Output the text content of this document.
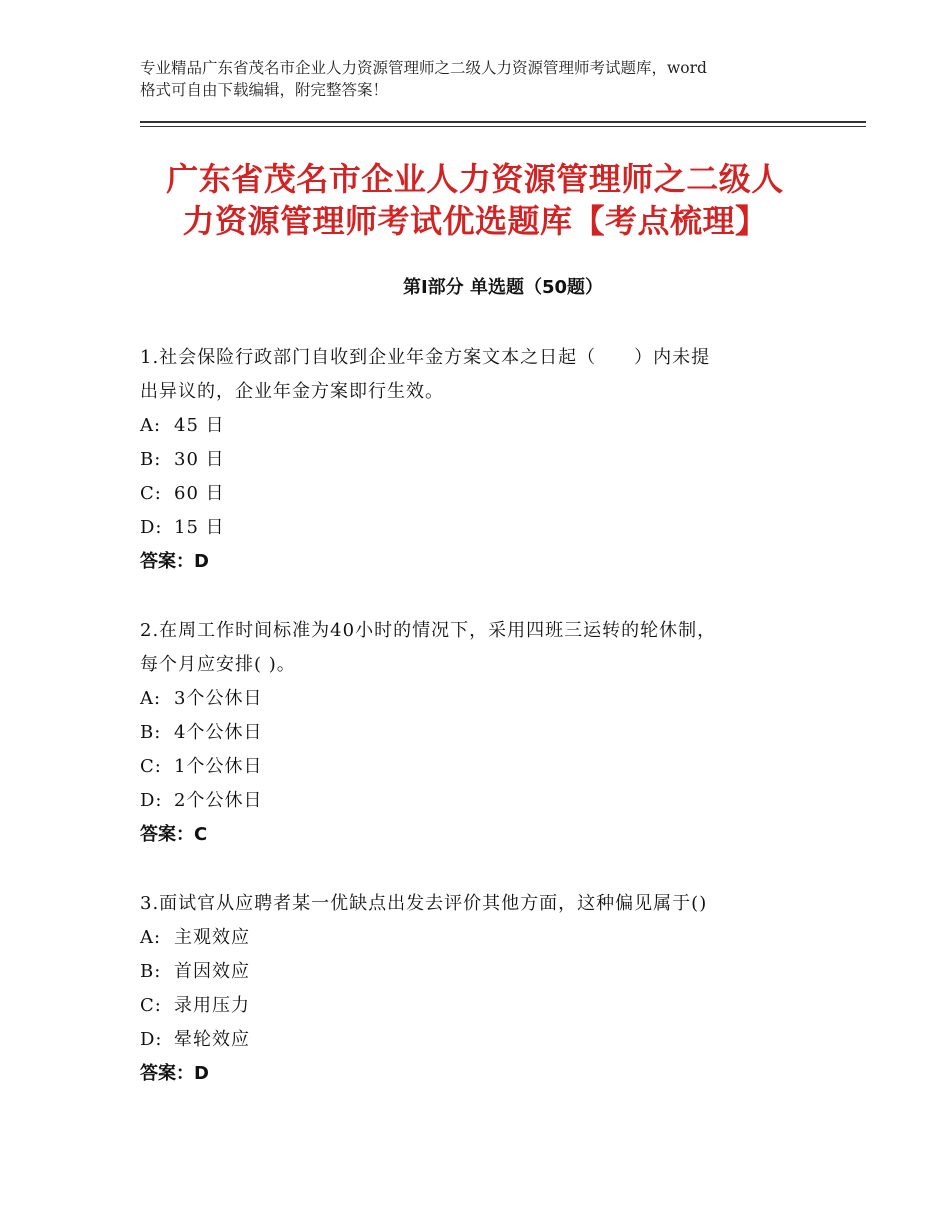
专业精品广东省茂名市企业人力资源管理师之二级人力资源管理师考试题库，word
格式可自由下载编辑，附完整答案！
广东省茂名市企业人力资源管理师之二级人
力资源管理师考试优选题库【考点梳理】
第Ⅰ部分 单选题（50题）
1.社会保险行政部门自收到企业年金方案文本之日起（　　）内未提
出异议的，企业年金方案即行生效。
A: 45 日
B: 30 日
C: 60 日
D: 15 日
答案：D
2.在周工作时间标准为40小时的情况下，采用四班三运转的轮休制，
每个月应安排( )。
A: 3个公休日
B: 4个公休日
C: 1个公休日
D: 2个公休日
答案：C
3.面试官从应聘者某一优缺点出发去评价其他方面，这种偏见属于()
A: 主观效应
B: 首因效应
C: 录用压力
D: 晕轮效应
答案：D
